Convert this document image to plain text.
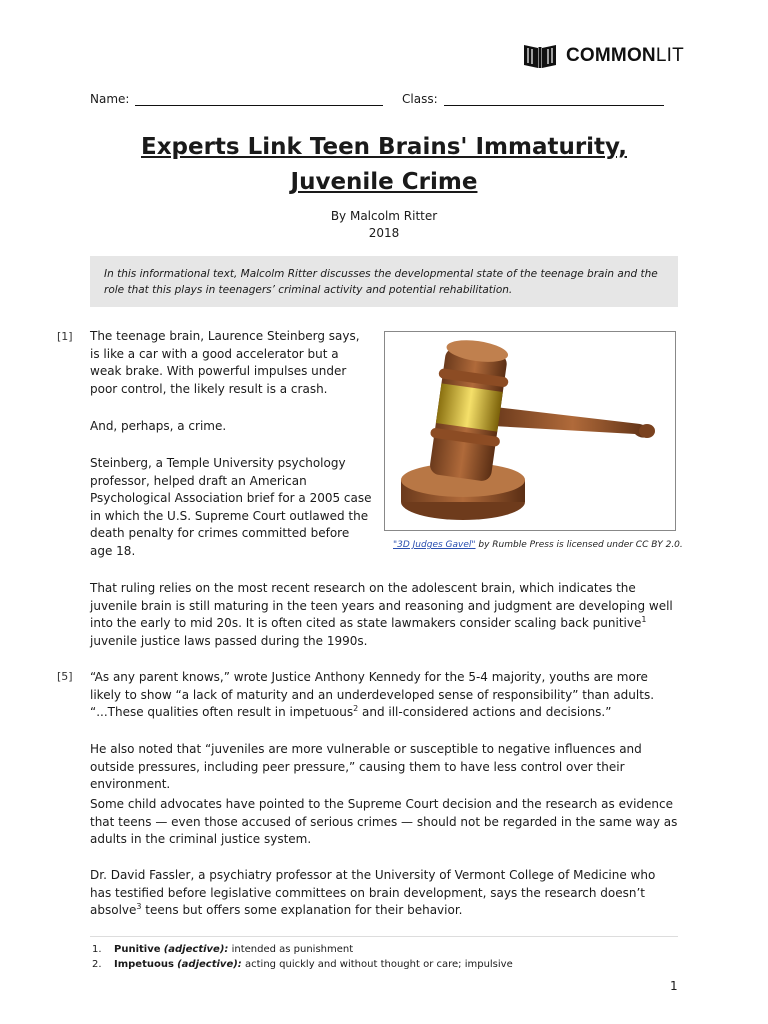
COMMONLIT
Name:	Class:
Experts Link Teen Brains' Immaturity, Juvenile Crime
By Malcolm Ritter
2018
In this informational text, Malcolm Ritter discusses the developmental state of the teenage brain and the role that this plays in teenagers’ criminal activity and potential rehabilitation.
[1] The teenage brain, Laurence Steinberg says, is like a car with a good accelerator but a weak brake. With powerful impulses under poor control, the likely result is a crash.

And, perhaps, a crime.

Steinberg, a Temple University psychology professor, helped draft an American Psychological Association brief for a 2005 case in which the U.S. Supreme Court outlawed the death penalty for crimes committed before age 18.	"3D Judges Gavel" by Rumble Press is licensed under CC BY 2.0.

That ruling relies on the most recent research on the adolescent brain, which indicates the juvenile brain is still maturing in the teen years and reasoning and judgment are developing well into the early to mid 20s. It is often cited as state lawmakers consider scaling back punitive$^1$ juvenile justice laws passed during the 1990s.

[5] “As any parent knows,” wrote Justice Anthony Kennedy for the 5-4 majority, youths are more likely to show “a lack of maturity and an underdeveloped sense of responsibility” than adults. “...These qualities often result in impetuous$^2$ and ill-considered actions and decisions.”

He also noted that “juveniles are more vulnerable or susceptible to negative influences and outside pressures, including peer pressure,” causing them to have less control over their environment.

Some child advocates have pointed to the Supreme Court decision and the research as evidence that teens — even those accused of serious crimes — should not be regarded in the same way as adults in the criminal justice system.

Dr. David Fassler, a psychiatry professor at the University of Vermont College of Medicine who has testified before legislative committees on brain development, says the research doesn’t absolve$^3$ teens but offers some explanation for their behavior.

1. Punitive (adjective): intended as punishment
2. Impetuous (adjective): acting quickly and without thought or care; impulsive
1
